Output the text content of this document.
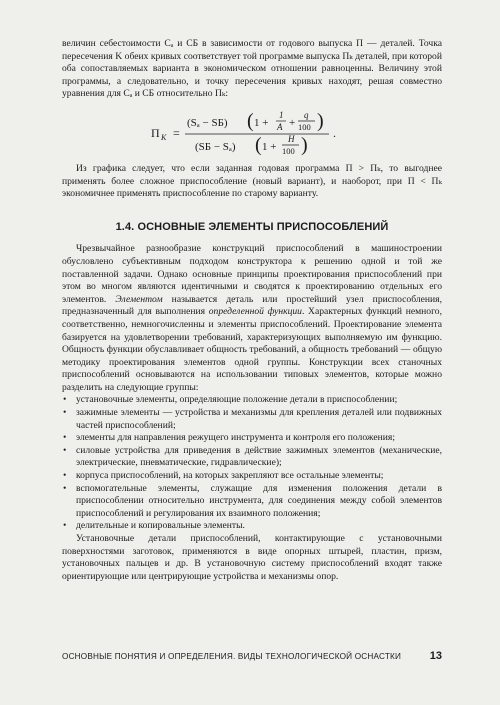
величин себестоимости Cₐ и CБ в зависимости от годового выпуска П — деталей. Точка пересечения K обеих кривых соответствует той программе выпуска Пₖ деталей, при которой оба сопоставляемых варианта в экономическом отношении равноценны. Величину этой программы, а следовательно, и точку пересечения кривых находят, решая совместно уравнения для Cₐ и CБ относительно Пₖ:

П K =
(Sₐ − SБ) ( 1 +
1
A +
q
100 )
(SБ − Sₐ) ( 1 +
H
100 )
.

Из графика следует, что если заданная годовая программа П > Пₖ, то выгоднее применять более сложное приспособление (новый вариант), и наоборот, при П < Пₖ экономичнее применять приспособление по старому варианту.

1.4. ОСНОВНЫЕ ЭЛЕМЕНТЫ ПРИСПОСОБЛЕНИЙ

Чрезвычайное разнообразие конструкций приспособлений в машиностроении обусловлено субъективным подходом конструктора к решению одной и той же поставленной задачи. Однако основные принципы проектирования приспособлений при этом во многом являются идентичными и сводятся к проектированию отдельных его элементов. Элементом называется деталь или простейший узел приспособления, предназначенный для выполнения определенной функции. Характерных функций немного, соответственно, немногочисленны и элементы приспособлений. Проектирование элемента базируется на удовлетворении требований, характеризующих выполняемую им функцию. Общность функции обуславливает общность требований, а общность требований — общую методику проектирования элементов одной группы. Конструкции всех станочных приспособлений основываются на использовании типовых элементов, которые можно разделить на следующие группы:

• установочные элементы, определяющие положение детали в приспособлении;
• зажимные элементы — устройства и механизмы для крепления деталей или подвижных частей приспособлений;
• элементы для направления режущего инструмента и контроля его положения;
• силовые устройства для приведения в действие зажимных элементов (механические, электрические, пневматические, гидравлические);
• корпуса приспособлений, на которых закрепляют все остальные элементы;
• вспомогательные элементы, служащие для изменения положения детали в приспособлении относительно инструмента, для соединения между собой элементов приспособлений и регулирования их взаимного положения;
• делительные и копировальные элементы.

Установочные детали приспособлений, контактирующие с установочными поверхностями заготовок, применяются в виде опорных штырей, пластин, призм, установочных пальцев и др. В установочную систему приспособлений входят также ориентирующие или центрирующие устройства и механизмы опор.

ОСНОВНЫЕ ПОНЯТИЯ И ОПРЕДЕЛЕНИЯ. ВИДЫ ТЕХНОЛОГИЧЕСКОЙ ОСНАСТКИ	13
